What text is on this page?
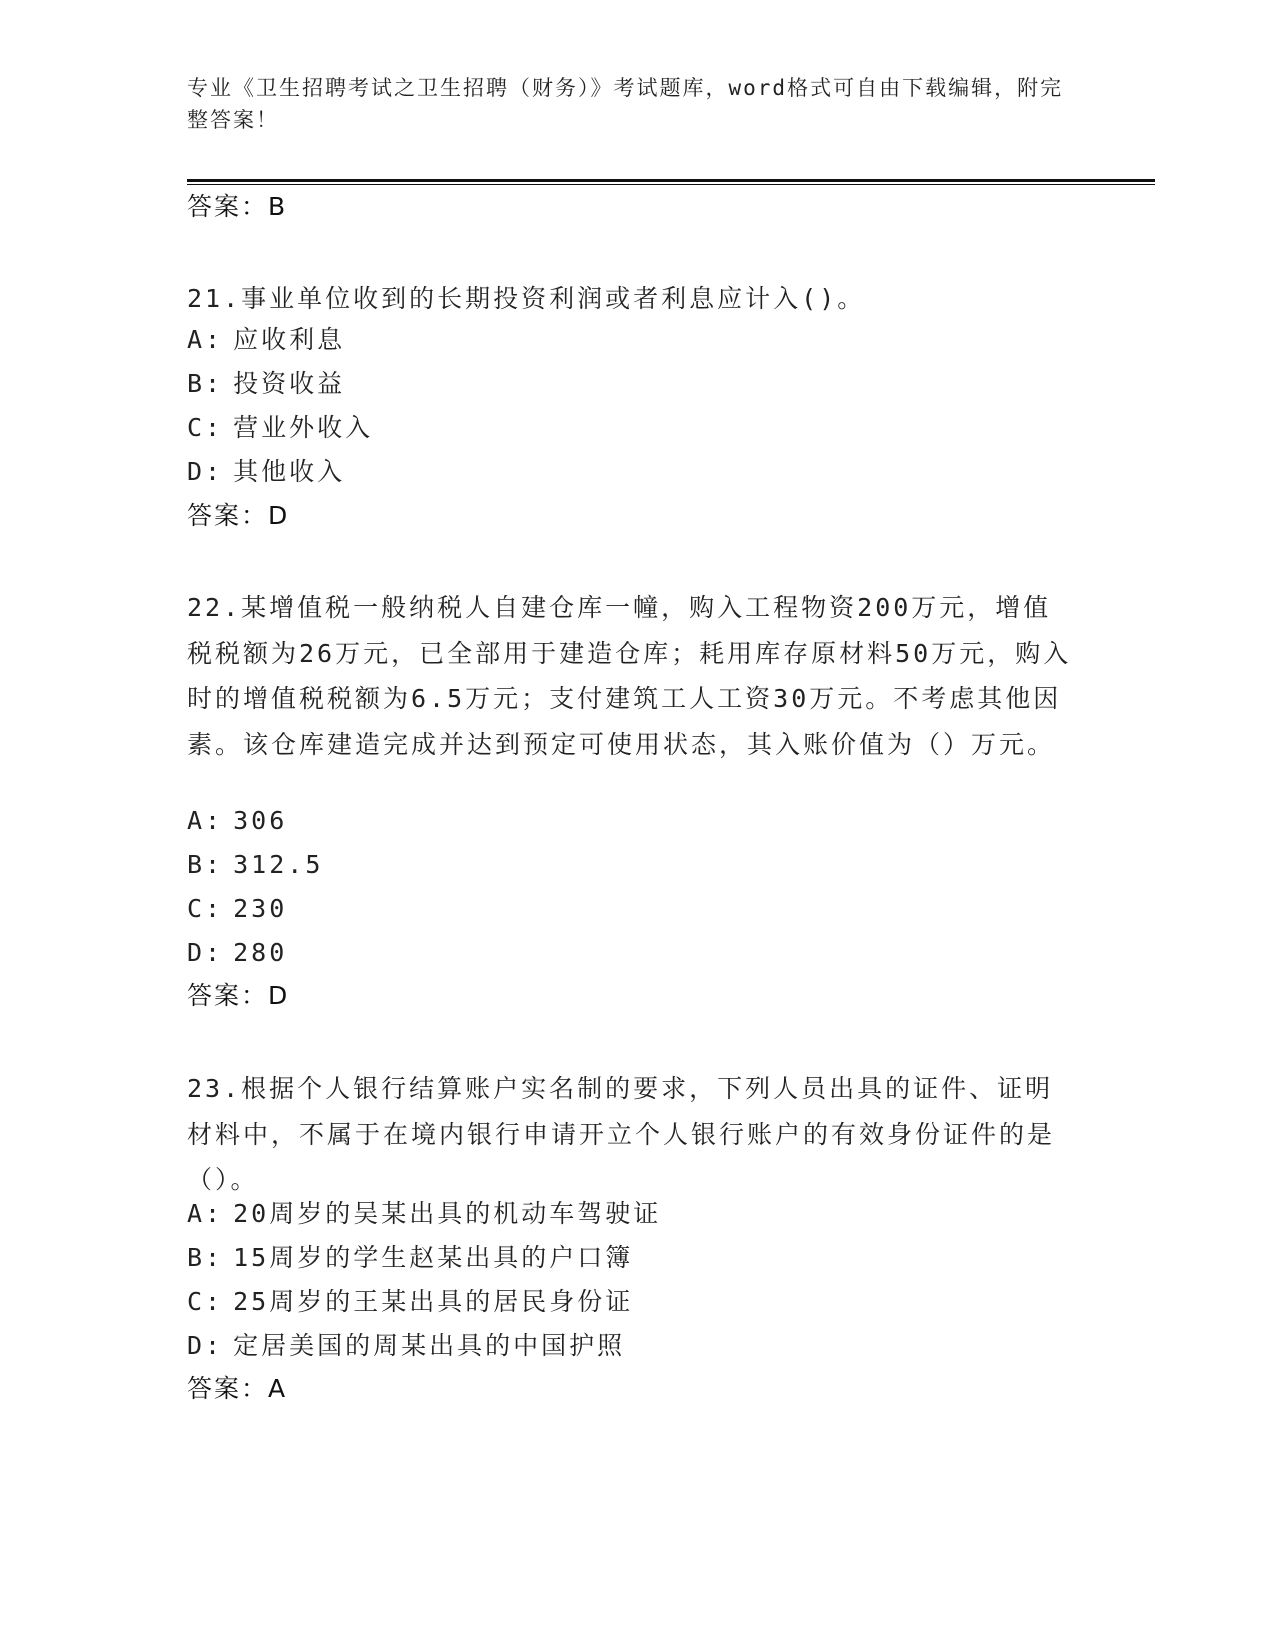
专业《卫生招聘考试之卫生招聘（财务）》考试题库，word格式可自由下载编辑，附完整答案！
答案：B
21.事业单位收到的长期投资利润或者利息应计入()。
A: 应收利息
B: 投资收益
C: 营业外收入
D: 其他收入
答案：D
22.某增值税一般纳税人自建仓库一幢，购入工程物资200万元，增值税税额为26万元，已全部用于建造仓库；耗用库存原材料50万元，购入时的增值税税额为6.5万元；支付建筑工人工资30万元。不考虑其他因素。该仓库建造完成并达到预定可使用状态，其入账价值为（）万元。
A: 306
B: 312.5
C: 230
D: 280
答案：D
23.根据个人银行结算账户实名制的要求，下列人员出具的证件、证明材料中，不属于在境内银行申请开立个人银行账户的有效身份证件的是（）。
A: 20周岁的吴某出具的机动车驾驶证
B: 15周岁的学生赵某出具的户口簿
C: 25周岁的王某出具的居民身份证
D: 定居美国的周某出具的中国护照
答案：A
